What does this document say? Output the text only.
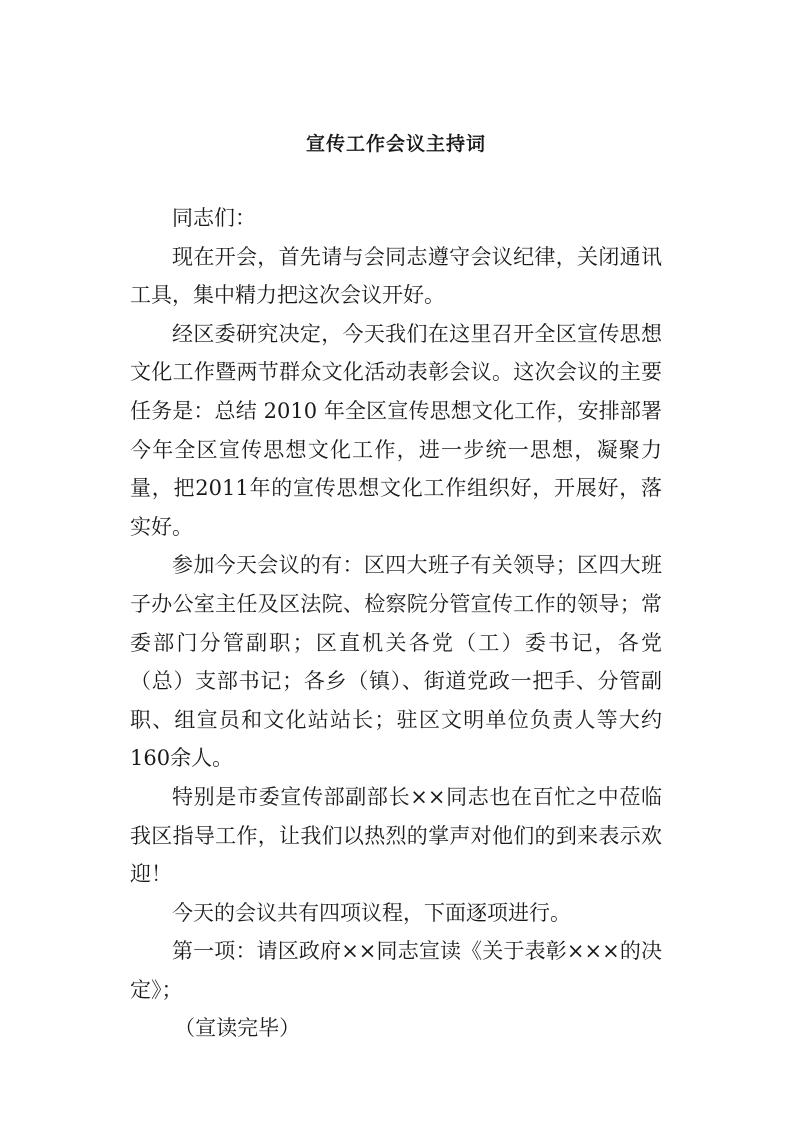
宣传工作会议主持词

同志们：

现在开会，首先请与会同志遵守会议纪律，关闭通讯工具，集中精力把这次会议开好。

经区委研究决定，今天我们在这里召开全区宣传思想文化工作暨两节群众文化活动表彰会议。这次会议的主要任务是：总结 2010 年全区宣传思想文化工作，安排部署今年全区宣传思想文化工作，进一步统一思想，凝聚力量，把2011年的宣传思想文化工作组织好，开展好，落实好。

参加今天会议的有：区四大班子有关领导；区四大班子办公室主任及区法院、检察院分管宣传工作的领导；常委部门分管副职；区直机关各党（工）委书记，各党（总）支部书记；各乡（镇）、街道党政一把手、分管副职、组宣员和文化站站长；驻区文明单位负责人等大约160余人。

特别是市委宣传部副部长××同志也在百忙之中莅临我区指导工作，让我们以热烈的掌声对他们的到来表示欢迎！

今天的会议共有四项议程，下面逐项进行。

第一项：请区政府××同志宣读《关于表彰×××的决定》；

（宣读完毕）
